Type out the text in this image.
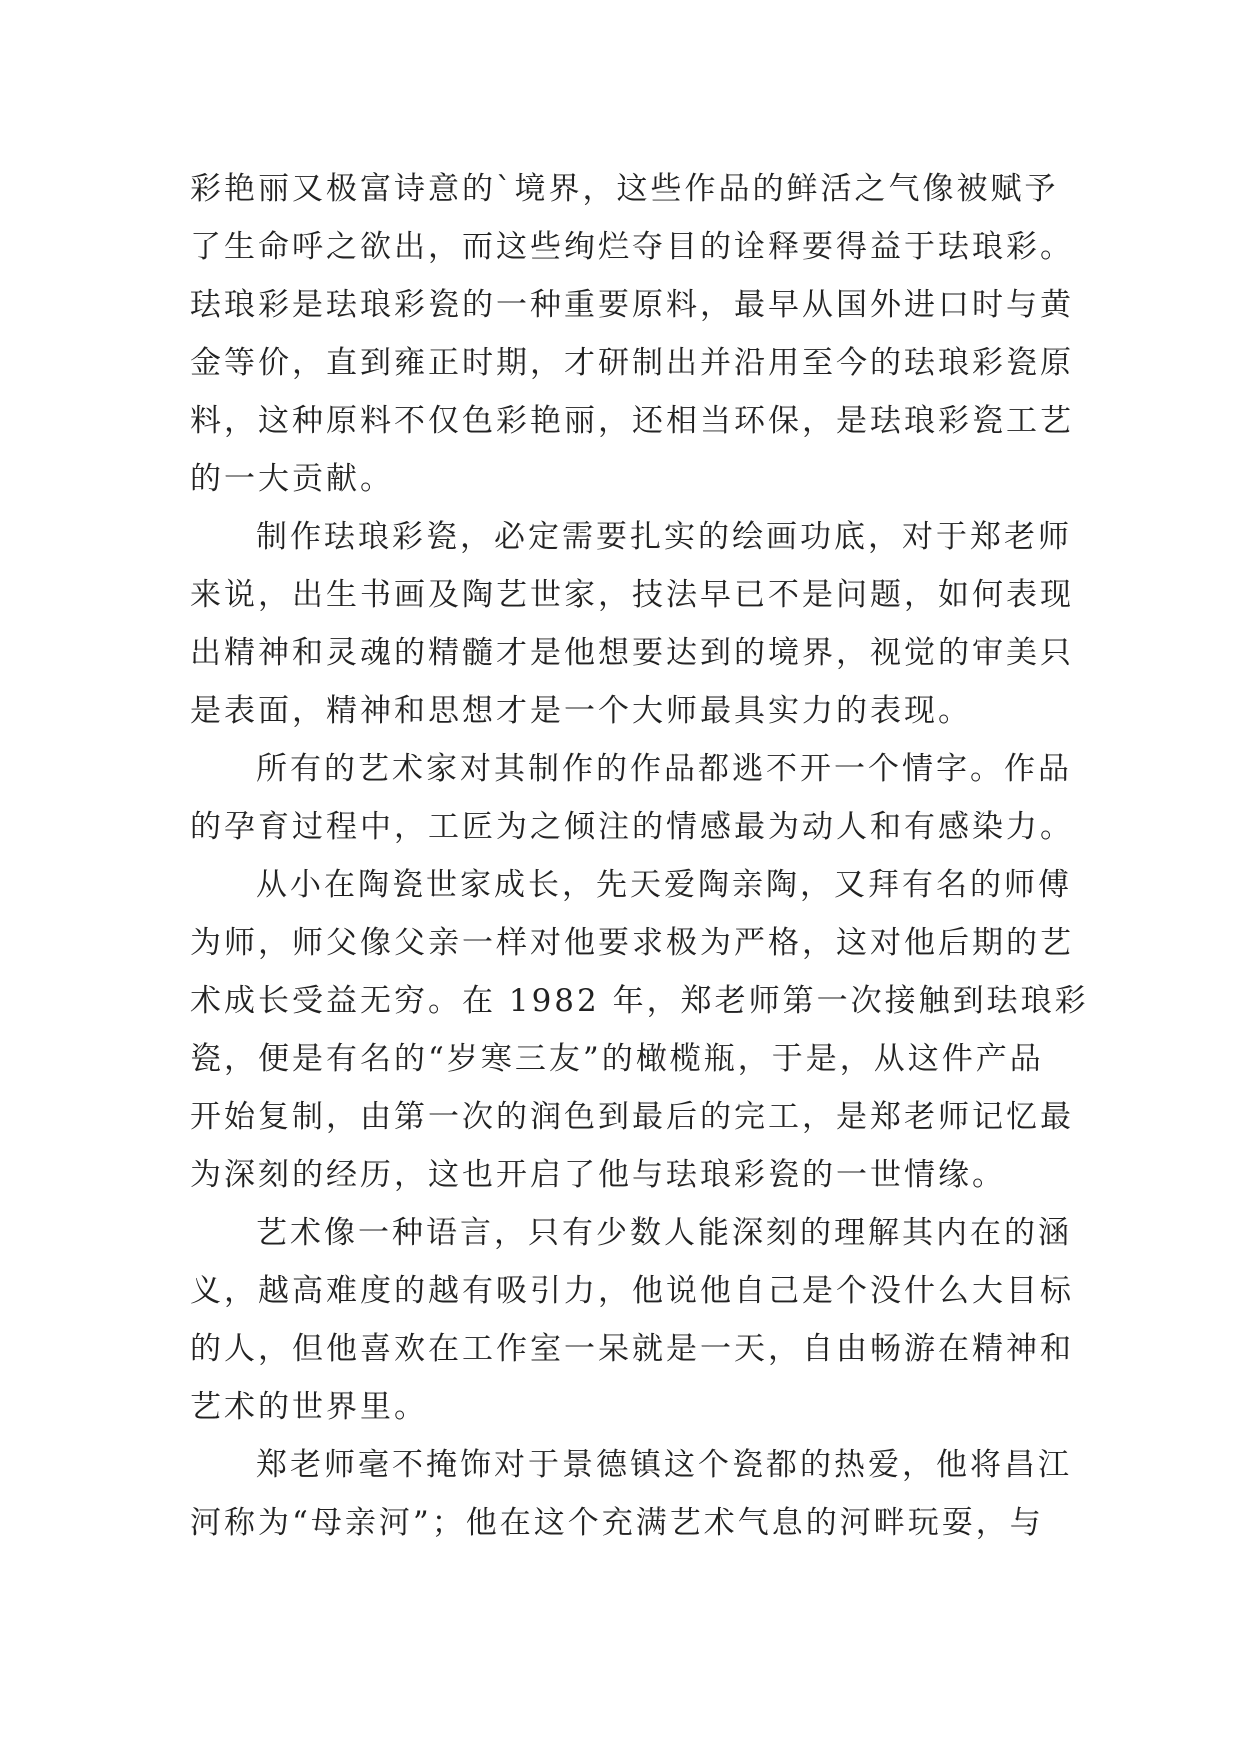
彩艳丽又极富诗意的`境界，这些作品的鲜活之气像被赋予
了生命呼之欲出，而这些绚烂夺目的诠释要得益于珐琅彩。
珐琅彩是珐琅彩瓷的一种重要原料，最早从国外进口时与黄
金等价，直到雍正时期，才研制出并沿用至今的珐琅彩瓷原
料，这种原料不仅色彩艳丽，还相当环保，是珐琅彩瓷工艺
的一大贡献。
制作珐琅彩瓷，必定需要扎实的绘画功底，对于郑老师
来说，出生书画及陶艺世家，技法早已不是问题，如何表现
出精神和灵魂的精髓才是他想要达到的境界，视觉的审美只
是表面，精神和思想才是一个大师最具实力的表现。
所有的艺术家对其制作的作品都逃不开一个情字。作品
的孕育过程中，工匠为之倾注的情感最为动人和有感染力。
从小在陶瓷世家成长，先天爱陶亲陶，又拜有名的师傅
为师，师父像父亲一样对他要求极为严格，这对他后期的艺
术成长受益无穷。在 1982 年，郑老师第一次接触到珐琅彩
瓷，便是有名的“岁寒三友”的橄榄瓶，于是，从这件产品
开始复制，由第一次的润色到最后的完工，是郑老师记忆最
为深刻的经历，这也开启了他与珐琅彩瓷的一世情缘。
艺术像一种语言，只有少数人能深刻的理解其内在的涵
义，越高难度的越有吸引力，他说他自己是个没什么大目标
的人，但他喜欢在工作室一呆就是一天，自由畅游在精神和
艺术的世界里。
郑老师毫不掩饰对于景德镇这个瓷都的热爱，他将昌江
河称为“母亲河”；他在这个充满艺术气息的河畔玩耍，与
